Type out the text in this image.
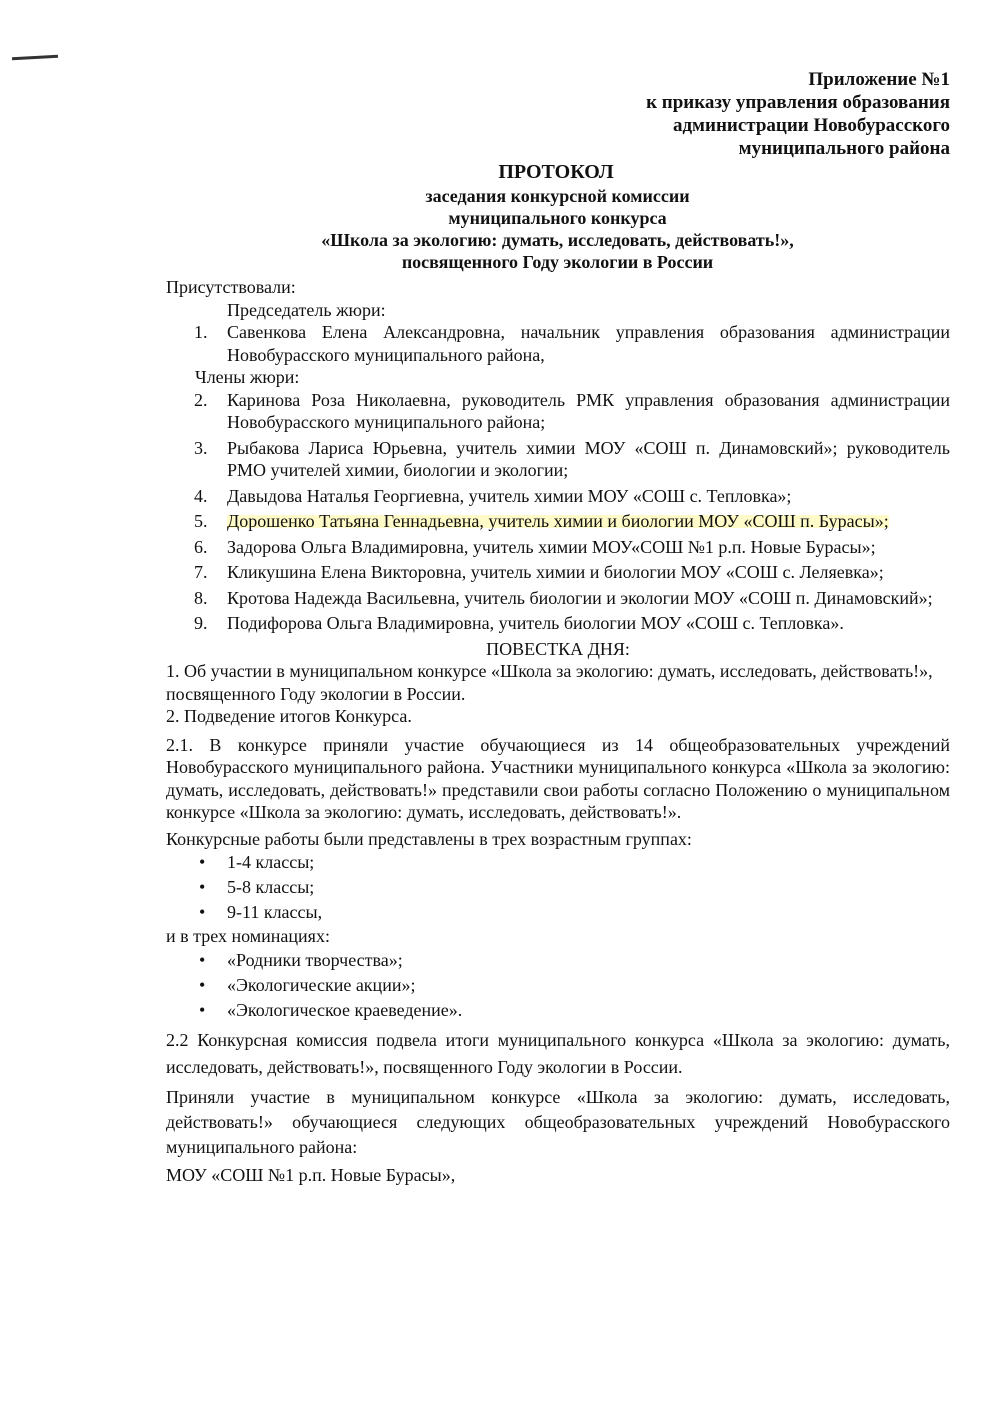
Приложение №1
к приказу управления образования
администрации Новобурасского
муниципального района
ПРОТОКОЛ
заседания конкурсной комиссии
муниципального конкурса
«Школа за экологию: думать, исследовать, действовать!»,
посвященного Году экологии в России

Присутствовали:

Председатель жюри:

1. Савенкова Елена Александровна, начальник управления образования администрации Новобурасского муниципального района,

Члены жюри:

2. Каринова Роза Николаевна, руководитель РМК управления образования администрации Новобурасского муниципального района;
3. Рыбакова Лариса Юрьевна, учитель химии МОУ «СОШ п. Динамовский»; руководитель РМО учителей химии, биологии и экологии;
4. Давыдова Наталья Георгиевна, учитель химии МОУ «СОШ с. Тепловка»;
5. Дорошенко Татьяна Геннадьевна, учитель химии и биологии МОУ «СОШ п. Бурасы»;
6. Задорова Ольга Владимировна, учитель химии МОУ«СОШ №1 р.п. Новые Бурасы»;
7. Кликушина Елена Викторовна, учитель химии и биологии МОУ «СОШ с. Леляевка»;
8. Кротова Надежда Васильевна, учитель биологии и экологии МОУ «СОШ п. Динамовский»;
9. Подифорова Ольга Владимировна, учитель биологии МОУ «СОШ с. Тепловка».

ПОВЕСТКА ДНЯ:

1. Об участии в муниципальном конкурсе «Школа за экологию: думать, исследовать, действовать!», посвященного Году экологии в России.

2. Подведение итогов Конкурса.

2.1. В конкурсе приняли участие обучающиеся из 14 общеобразовательных учреждений Новобурасского муниципального района. Участники муниципального конкурса «Школа за экологию: думать, исследовать, действовать!» представили свои работы согласно Положению о муниципальном конкурсе «Школа за экологию: думать, исследовать, действовать!».

Конкурсные работы были представлены в трех возрастным группах:

• 1-4 классы;
• 5-8 классы;
• 9-11 классы,

и в трех номинациях:

• «Родники творчества»;
• «Экологические акции»;
• «Экологическое краеведение».

2.2 Конкурсная комиссия подвела итоги муниципального конкурса «Школа за экологию: думать, исследовать, действовать!», посвященного Году экологии в России.

Приняли участие в муниципальном конкурсе «Школа за экологию: думать, исследовать, действовать!» обучающиеся следующих общеобразовательных учреждений Новобурасского муниципального района:

МОУ «СОШ №1 р.п. Новые Бурасы»,
